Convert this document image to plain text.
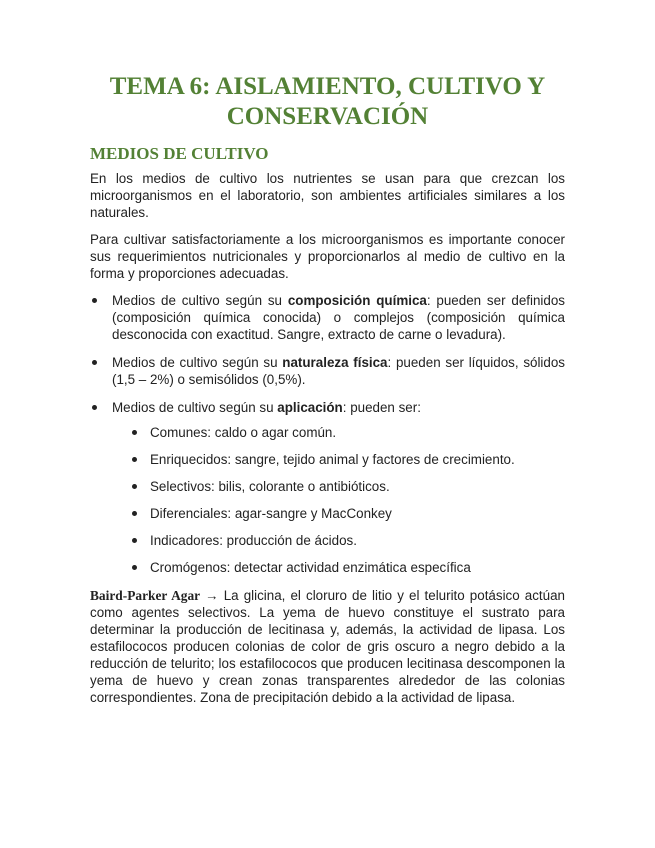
TEMA 6: AISLAMIENTO, CULTIVO Y CONSERVACIÓN
MEDIOS DE CULTIVO

En los medios de cultivo los nutrientes se usan para que crezcan los microorganismos en el laboratorio, son ambientes artificiales similares a los naturales.

Para cultivar satisfactoriamente a los microorganismos es importante conocer sus requerimientos nutricionales y proporcionarlos al medio de cultivo en la forma y proporciones adecuadas.

Medios de cultivo según su composición química: pueden ser definidos (composición química conocida) o complejos (composición química desconocida con exactitud. Sangre, extracto de carne o levadura).
Medios de cultivo según su naturaleza física: pueden ser líquidos, sólidos (1,5 – 2%) o semisólidos (0,5%).
Medios de cultivo según su aplicación: pueden ser:
Comunes: caldo o agar común.
Enriquecidos: sangre, tejido animal y factores de crecimiento.
Selectivos: bilis, colorante o antibióticos.
Diferenciales: agar-sangre y MacConkey
Indicadores: producción de ácidos.
Cromógenos: detectar actividad enzimática específica

Baird-Parker Agar → La glicina, el cloruro de litio y el telurito potásico actúan como agentes selectivos. La yema de huevo constituye el sustrato para determinar la producción de lecitinasa y, además, la actividad de lipasa. Los estafilococos producen colonias de color de gris oscuro a negro debido a la reducción de telurito; los estafilococos que producen lecitinasa descomponen la yema de huevo y crean zonas transparentes alrededor de las colonias correspondientes. Zona de precipitación debido a la actividad de lipasa.
